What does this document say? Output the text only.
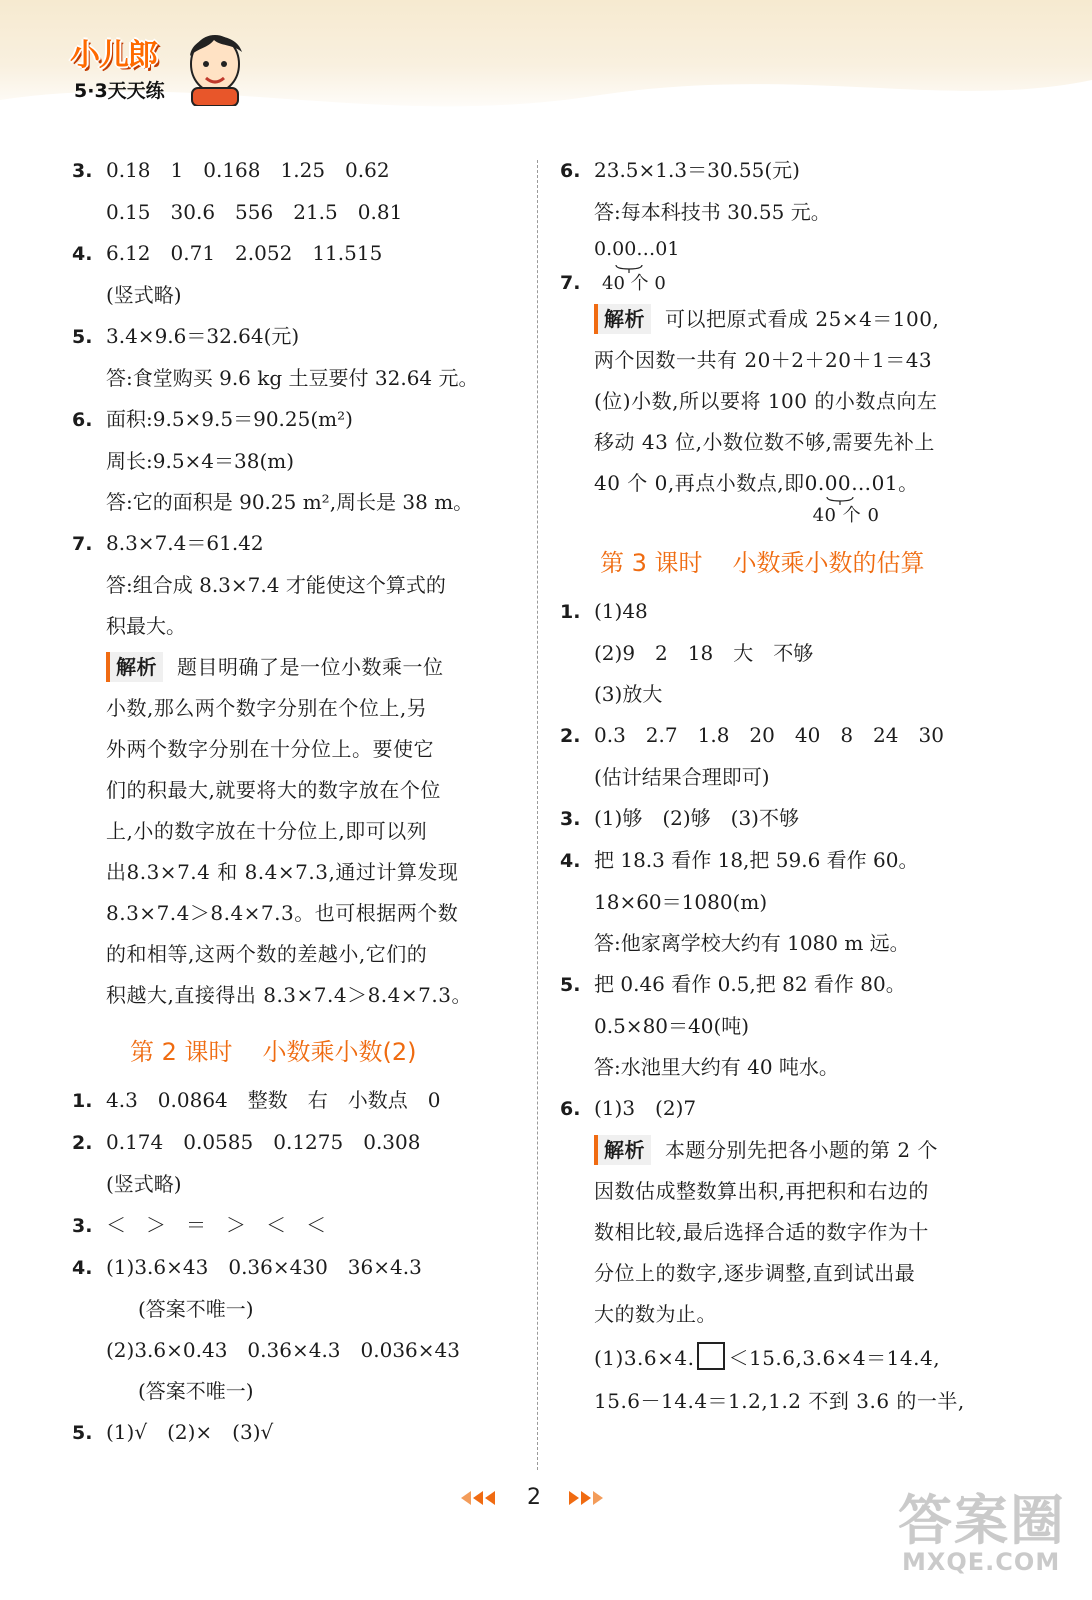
小儿郎
5·3天天练
3. 0.18　1　0.168　1.25　0.62
0.15　30.6　556　21.5　0.81
4. 6.12　0.71　2.052　11.515
(竖式略)
5. 3.4×9.6＝32.64(元)
答:食堂购买 9.6 kg 土豆要付 32.64 元。
6. 面积:9.5×9.5＝90.25(m²)
周长:9.5×4＝38(m)
答:它的面积是 90.25 m²,周长是 38 m。
7. 8.3×7.4＝61.42
答:组合成 8.3×7.4 才能使这个算式的
积最大。
解析 题目明确了是一位小数乘一位
小数,那么两个数字分别在个位上,另
外两个数字分别在十分位上。要使它
们的积最大,就要将大的数字放在个位
上,小的数字放在十分位上,即可以列
出8.3×7.4 和 8.4×7.3,通过计算发现
8.3×7.4＞8.4×7.3。也可根据两个数
的和相等,这两个数的差越小,它们的
积越大,直接得出 8.3×7.4＞8.4×7.3。
第 2 课时 小数乘小数(2)
1. 4.3　0.0864　整数　右　小数点　0
2. 0.174　0.0585　0.1275　0.308
(竖式略)
3. ＜　＞　＝　＞　＜　＜
4. (1)3.6×43　0.36×430　36×4.3
(答案不唯一)
(2)3.6×0.43　0.36×4.3　0.036×43
(答案不唯一)
5. (1)√　(2)×　(3)√
6. 23.5×1.3＝30.55(元)
答:每本科技书 30.55 元。
7.0.00…01
40 个 0
解析 可以把原式看成 25×4＝100,
两个因数一共有 20＋2＋20＋1＝43
(位)小数,所以要将 100 的小数点向左
移动 43 位,小数位数不够,需要先补上
40 个 0,再点小数点,即 0.00…01
40 个 0
。
第 3 课时 小数乘小数的估算
1. (1)48
(2)9　2　18　大　不够
(3)放大
2. 0.3　2.7　1.8　20　40　8　24　30
(估计结果合理即可)
3. (1)够　(2)够　(3)不够
4. 把 18.3 看作 18,把 59.6 看作 60。
18×60＝1080(m)
答:他家离学校大约有 1080 m 远。
5. 把 0.46 看作 0.5,把 82 看作 80。
0.5×80＝40(吨)
答:水池里大约有 40 吨水。
6. (1)3　(2)7
解析 本题分别先把各小题的第 2 个
因数估成整数算出积,再把积和右边的
数相比较,最后选择合适的数字作为十
分位上的数字,逐步调整,直到试出最
大的数为止。
(1)3.6×4. ＜15.6,3.6×4＝14.4,
15.6－14.4＝1.2,1.2 不到 3.6 的一半,
2	答案圈
MXQE.COM
